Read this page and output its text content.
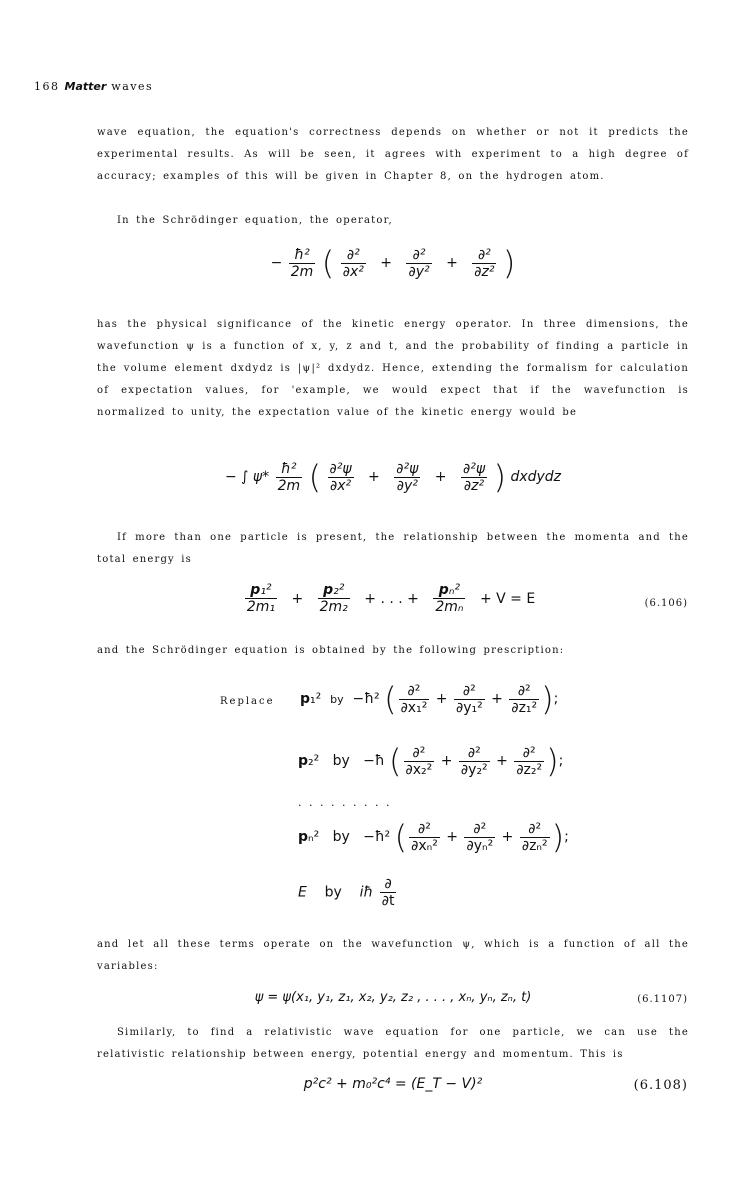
168 Matter waves
wave equation, the equation's correctness depends on whether or not it predicts the experimental results. As will be seen, it agrees with experiment to a high degree of accuracy; examples of this will be given in Chapter 8, on the hydrogen atom.
In the Schrödinger equation, the operator,
− $\frac{\text{ħ²}}{2m}$ ( $\frac{\text{∂²}}{\text{∂x²}} + \frac{\text{∂²}}{\text{∂y²}} + \frac{\text{∂²}}{\text{∂z²}}$ )
has the physical significance of the kinetic energy operator. In three dimensions, the wavefunction ψ is a function of x, y, z and t, and the probability of finding a particle in the volume element dxdydz is |ψ|² dxdydz. Hence, extending the formalism for calculation of expectation values, for 'example, we would expect that if the wavefunction is normalized to unity, the expectation value of the kinetic energy would be
− ∫ $\psi* \frac{\text{ħ²}}{2m}$ ( $\frac{\text{∂²ψ}}{\text{∂x²}} + \frac{\text{∂²ψ}}{\text{∂y²}} + \frac{\text{∂²ψ}}{\text{∂z²}}$ ) dxdydz
If more than one particle is present, the relationship between the momenta and the total energy is
$\frac{\text{p₁²}}{\text{2m₁}} + \frac{\text{p₂²}}{\text{2m₂}}$ + . . . + $\frac{\text{pₙ²}}{\text{2mₙ}} + V = E$	(6.106)
and the Schrödinger equation is obtained by the following prescription:
Replace p₁²  by  −ħ² ( $\frac{\text{∂²}}{\text{∂x₁²}} + \frac{\text{∂²}}{\text{∂y₁²}} + \frac{\text{∂²}}{\text{∂z₁²}}$ );
p₂²   by   −ħ ( $\frac{\text{∂²}}{\text{∂x₂²}} + \frac{\text{∂²}}{\text{∂y₂²}} + \frac{\text{∂²}}{\text{∂z₂²}}$ );
. . . . . . . . .
pₙ²   by   −ħ² ( $\frac{\text{∂²}}{\text{∂xₙ²}} + \frac{\text{∂²}}{\text{∂yₙ²}} + \frac{\text{∂²}}{\text{∂zₙ²}}$ );
E    by    iħ $\frac{\partial}{\partial t}$
and let all these terms operate on the wavefunction ψ, which is a function of all the variables:
ψ = ψ(x₁, y₁, z₁, x₂, y₂, z₂ , . . . , xₙ, yₙ, zₙ, t)	(6.1107)
Similarly, to find a relativistic wave equation for one particle, we can use the relativistic relationship between energy, potential energy and momentum. This is
p²c² + m₀²c⁴ = (E_T − V)²	(6.108)
